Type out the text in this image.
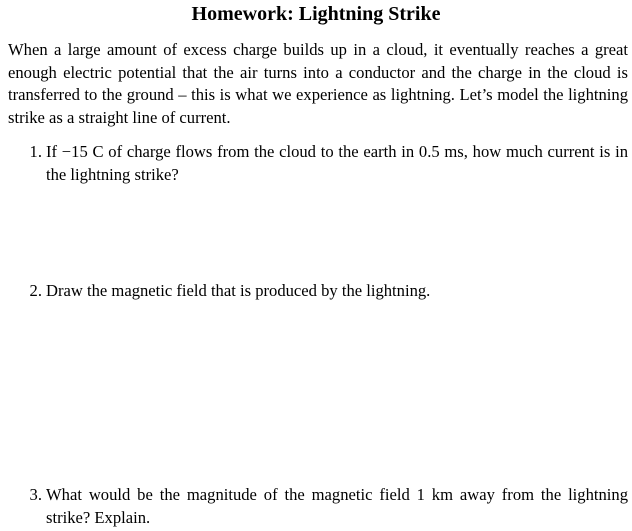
Homework: Lightning Strike
When a large amount of excess charge builds up in a cloud, it eventually reaches a great enough electric potential that the air turns into a conductor and the charge in the cloud is transferred to the ground – this is what we experience as lightning. Let’s model the lightning strike as a straight line of current.
1. If −15 C of charge flows from the cloud to the earth in 0.5 ms, how much current is in the lightning strike?
2. Draw the magnetic field that is produced by the lightning.
3. What would be the magnitude of the magnetic field 1 km away from the lightning strike? Explain.
